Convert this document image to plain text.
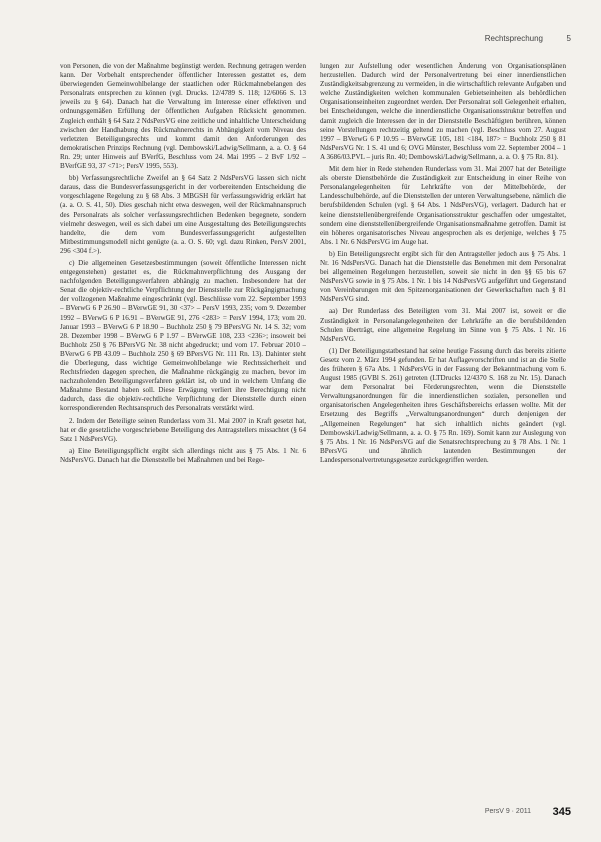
Rechtsprechung	5

von Personen, die von der Maßnahme begünstigt werden. Rechnung getragen werden kann. Der Vorbehalt entsprechender öffentlicher Interessen gestattet es, dem überwiegenden Gemeinwohlbelange der staatlichen oder Rückmahnebelangen des Personalrats entsprechen zu können (vgl. Drucks. 12/4789 S. 118; 12/6066 S. 13 jeweils zu § 64). Danach hat die Verwaltung im Interesse einer effektiven und ordnungsgemäßen Erfüllung der öffentlichen Aufgaben Rücksicht genommen. Zugleich enthält § 64 Satz 2 NdsPersVG eine zeitliche und inhaltliche Unterscheidung zwischen der Handhabung des Rückmahnerechts in Abhängigkeit vom Niveau des verletzten Beteiligungsrechts und kommt damit den Anforderungen des demokratischen Prinzips Rechnung (vgl. Dembowski/Ladwig/Sellmann, a. a. O. § 64 Rn. 29; unter Hinweis auf BVerfG, Beschluss vom 24. Mai 1995 – 2 BvF 1/92 – BVerfGE 93, 37 <71>; PersV 1995, 553).

bb) Verfassungsrechtliche Zweifel an § 64 Satz 2 NdsPersVG lassen sich nicht daraus, dass die Bundesverfassungsgericht in der vorbereitenden Entscheidung die vorgeschlagene Regelung zu § 68 Abs. 3 MBGSH für verfassungswidrig erklärt hat (a. a. O. S. 41, 50). Dies geschah nicht etwa deswegen, weil der Rückmahnanspruch des Personalrats als solcher verfassungsrechtlichen Bedenken begegnete, sondern vielmehr deswegen, weil es sich dabei um eine Ausgestaltung des Beteiligungsrechts handelte, die dem vom Bundesverfassungsgericht aufgestellten Mitbestimmungsmodell nicht genügte (a. a. O. S. 60; vgl. dazu Rinken, PersV 2001, 296 <304 f.>).

c) Die allgemeinen Gesetzesbestimmungen (soweit öffentliche Interessen nicht entgegenstehen) gestattet es, die Rückmahnverpflichtung des Ausgang der nachfolgenden Beteiligungsverfahren abhängig zu machen. Insbesondere hat der Senat die objektiv-rechtliche Verpflichtung der Dienststelle zur Rückgängigmachung der vollzogenen Maßnahme eingeschränkt (vgl. Beschlüsse vom 22. September 1993 – BVerwG 6 P 26.90 – BVerwGE 91, 30 <37> – PersV 1993, 235; vom 9. Dezember 1992 – BVerwG 6 P 16.91 – BVerwGE 91, 276 <283> = PersV 1994, 173; vom 20. Januar 1993 – BVerwG 6 P 18.90 – Buchholz 250 § 79 BPersVG Nr. 14 S. 32; vom 28. Dezember 1998 – BVerwG 6 P 1.97 – BVerwGE 108, 233 <236>; insoweit bei Buchholz 250 § 76 BPersVG Nr. 38 nicht abgedruckt; und vom 17. Februar 2010 – BVerwG 6 PB 43.09 – Buchholz 250 § 69 BPersVG Nr. 111 Rn. 13). Dahinter steht die Überlegung, dass wichtige Gemeinwohlbelange wie Rechtssicherheit und Rechtsfrieden dagegen sprechen, die Maßnahme rückgängig zu machen, bevor im nachzuholenden Beteiligungsverfahren geklärt ist, ob und in welchem Umfang die Maßnahme Bestand haben soll. Diese Erwägung verliert ihre Berechtigung nicht dadurch, dass die objektiv-rechtliche Verpflichtung der Dienststelle durch einen korrespondierenden Rechtsanspruch des Personalrats verstärkt wird.

2. Indem der Beteiligte seinen Runderlass vom 31. Mai 2007 in Kraft gesetzt hat, hat er die gesetzliche vorgeschriebene Beteiligung des Antragstellers missachtet (§ 64 Satz 1 NdsPersVG).

a) Eine Beteiligungspflicht ergibt sich allerdings nicht aus § 75 Abs. 1 Nr. 6 NdsPersVG. Danach hat die Dienststelle bei Maßnahmen und bei Rege-

lungen zur Aufstellung oder wesentlichen Änderung von Organisationsplänen herzustellen. Dadurch wird der Personalvertretung bei einer innerdienstlichen Zuständigkeitsabgrenzung zu vermeiden, in die wirtschaftlich relevante Aufgaben und welche Zuständigkeiten welchen kommunalen Gebietseinheiten als behördlichen Organisationseinheiten zugeordnet werden. Der Personalrat soll Gelegenheit erhalten, bei Entscheidungen, welche die innerdienstliche Organisationsstruktur betreffen und damit zugleich die Interessen der in der Dienststelle Beschäftigten berühren, können seine Vorstellungen rechtzeitig geltend zu machen (vgl. Beschluss vom 27. August 1997 – BVerwG 6 P 10.95 – BVerwGE 105, 181 <184, 187> = Buchholz 250 § 81 NdsPersVG Nr. 1 S. 41 und 6; OVG Münster, Beschluss vom 22. September 2004 – 1 A 3686/03.PVL – juris Rn. 40; Dembowski/Ladwig/Sellmann, a. a. O. § 75 Rn. 81).

Mit dem hier in Rede stehenden Runderlass vom 31. Mai 2007 hat der Beteiligte als oberste Dienstbehörde die Zuständigkeit zur Entscheidung in einer Reihe von Personalangelegenheiten für Lehrkräfte von der Mittelbehörde, der Landesschulbehörde, auf die Dienststellen der unteren Verwaltungsebene, nämlich die berufsbildenden Schulen (vgl. § 64 Abs. 1 NdsPersVG), verlagert. Dadurch hat er keine dienststellenübergreifende Organisationsstruktur geschaffen oder umgestaltet, sondern eine dienststellenübergreifende Organisationsmaßnahme getroffen. Damit ist ein höheres organisatorisches Niveau angesprochen als es derjenige, welches § 75 Abs. 1 Nr. 6 NdsPersVG im Auge hat.

b) Ein Beteiligungsrecht ergibt sich für den Antragsteller jedoch aus § 75 Abs. 1 Nr. 16 NdsPersVG. Danach hat die Dienststelle das Benehmen mit dem Personalrat bei allgemeinen Regelungen herzustellen, soweit sie nicht in den §§ 65 bis 67 NdsPersVG sowie in § 75 Abs. 1 Nr. 1 bis 14 NdsPersVG aufgeführt und Gegenstand von Vereinbarungen mit den Spitzenorganisationen der Gewerkschaften nach § 81 NdsPersVG sind.

aa) Der Runderlass des Beteiligten vom 31. Mai 2007 ist, soweit er die Zuständigkeit in Personalangelegenheiten der Lehrkräfte an die berufsbildenden Schulen überträgt, eine allgemeine Regelung im Sinne von § 75 Abs. 1 Nr. 16 NdsPersVG.

(1) Der Beteiligungstatbestand hat seine heutige Fassung durch das bereits zitierte Gesetz vom 2. März 1994 gefunden. Er hat Auflagevorschriften und ist an die Stelle des früheren § 67a Abs. 1 NdsPersVG in der Fassung der Bekanntmachung vom 6. August 1985 (GVBl S. 261) getreten (LTDrucks 12/4370 S. 168 zu Nr. 15). Danach war dem Personalrat bei Förderungsrechten, wenn die Dienststelle Verwaltungsanordnungen für die innerdienstlichen sozialen, personellen und organisatorischen Angelegenheiten ihres Geschäftsbereichs erlassen wollte. Mit der Ersetzung des Begriffs „Verwaltungsanordnungen“ durch denjenigen der „Allgemeinen Regelungen“ hat sich inhaltlich nichts geändert (vgl. Dembowski/Ladwig/Sellmann, a. a. O. § 75 Rn. 169). Somit kann zur Auslegung von § 75 Abs. 1 Nr. 16 NdsPersVG auf die Senatsrechtsprechung zu § 78 Abs. 1 Nr. 1 BPersVG und ähnlich lautenden Bestimmungen der Landespersonalvertretungsgesetze zurückgegriffen werden.

PersV 9 · 2011 345
